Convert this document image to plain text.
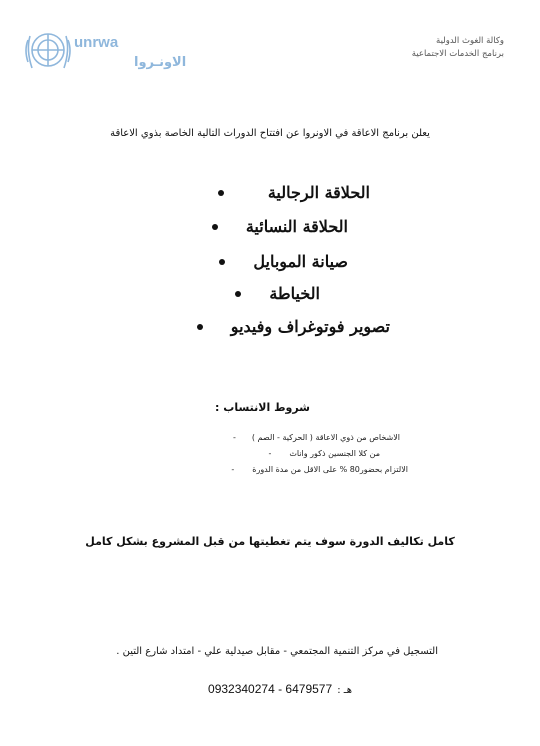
unrwa
الاونـروا
وكالة الغوث الدولية
برنامج الخدمات الاجتماعية
يعلن برنامج الاعاقة في الاونروا عن افتتاح الدورات التالية الخاصة بذوي الاعاقة
الحلاقة الرجالية
الحلاقة النسائية
صيانة الموبايل
الخياطة
تصوير فوتوغراف وفيديو
شروط الانتساب :
الاشخاص من ذوي الاعاقة ( الحركية - الصم )-
من كلا الجنسين ذكور واناث-
الالتزام بحضور80 % على الاقل من مدة الدورة-
كامل تكاليف الدورة سوف يتم تغطيتها من قبل المشروع بشكل كامل
التسجيل في مركز التنمية المجتمعي - مقابل صيدلية علي - امتداد شارع التين .
هـ : 0932340274 - 6479577
